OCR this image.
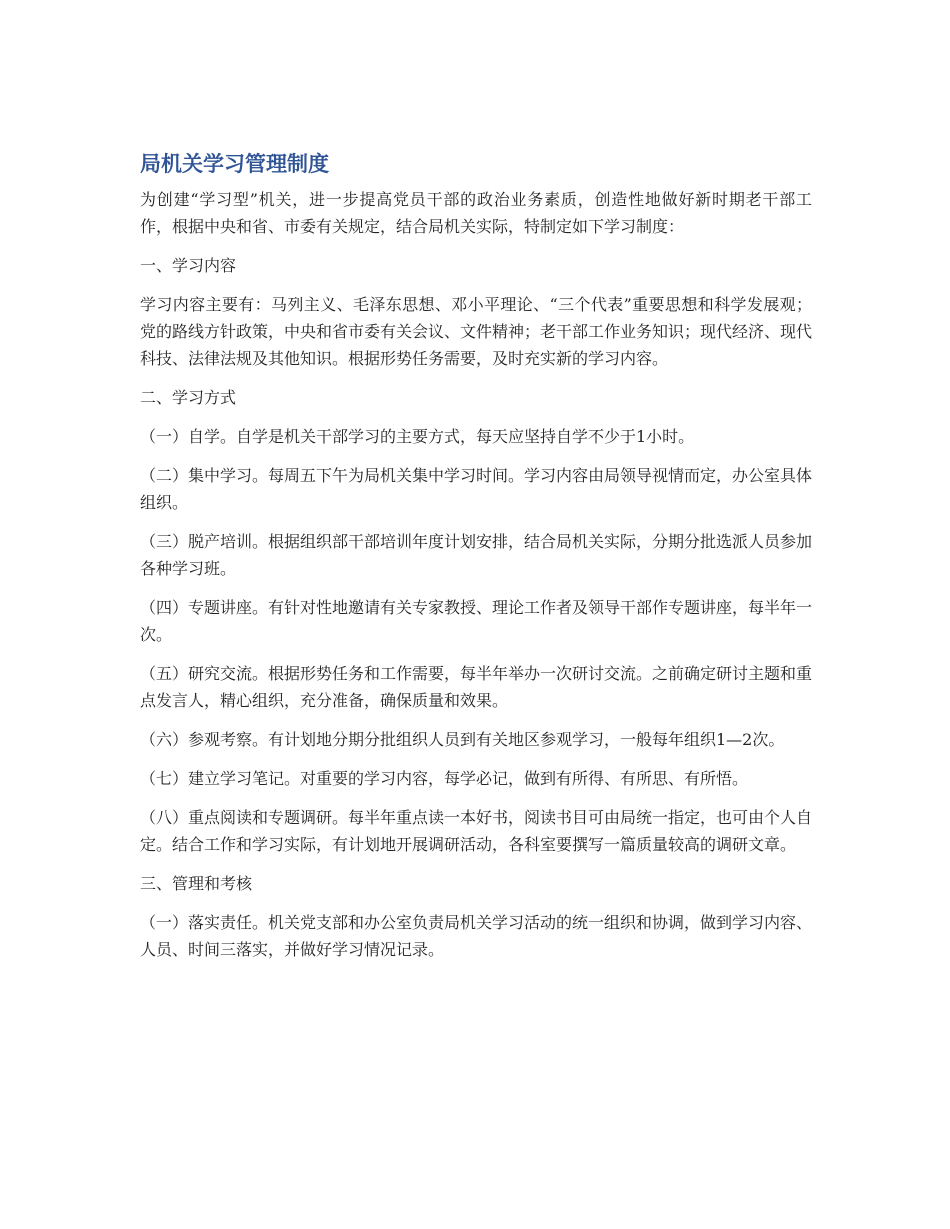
局机关学习管理制度

为创建“学习型”机关，进一步提高党员干部的政治业务素质，创造性地做好新时期老干部工作，根据中央和省、市委有关规定，结合局机关实际，特制定如下学习制度：

一、学习内容

学习内容主要有：马列主义、毛泽东思想、邓小平理论、“三个代表”重要思想和科学发展观；党的路线方针政策，中央和省市委有关会议、文件精神；老干部工作业务知识；现代经济、现代科技、法律法规及其他知识。根据形势任务需要，及时充实新的学习内容。

二、学习方式

（一）自学。自学是机关干部学习的主要方式，每天应坚持自学不少于1小时。

（二）集中学习。每周五下午为局机关集中学习时间。学习内容由局领导视情而定，办公室具体组织。

（三）脱产培训。根据组织部干部培训年度计划安排，结合局机关实际，分期分批选派人员参加各种学习班。

（四）专题讲座。有针对性地邀请有关专家教授、理论工作者及领导干部作专题讲座，每半年一次。

（五）研究交流。根据形势任务和工作需要，每半年举办一次研讨交流。之前确定研讨主题和重点发言人，精心组织，充分准备，确保质量和效果。

（六）参观考察。有计划地分期分批组织人员到有关地区参观学习，一般每年组织1—2次。

（七）建立学习笔记。对重要的学习内容，每学必记，做到有所得、有所思、有所悟。

（八）重点阅读和专题调研。每半年重点读一本好书，阅读书目可由局统一指定，也可由个人自定。结合工作和学习实际，有计划地开展调研活动，各科室要撰写一篇质量较高的调研文章。

三、管理和考核

（一）落实责任。机关党支部和办公室负责局机关学习活动的统一组织和协调，做到学习内容、人员、时间三落实，并做好学习情况记录。
